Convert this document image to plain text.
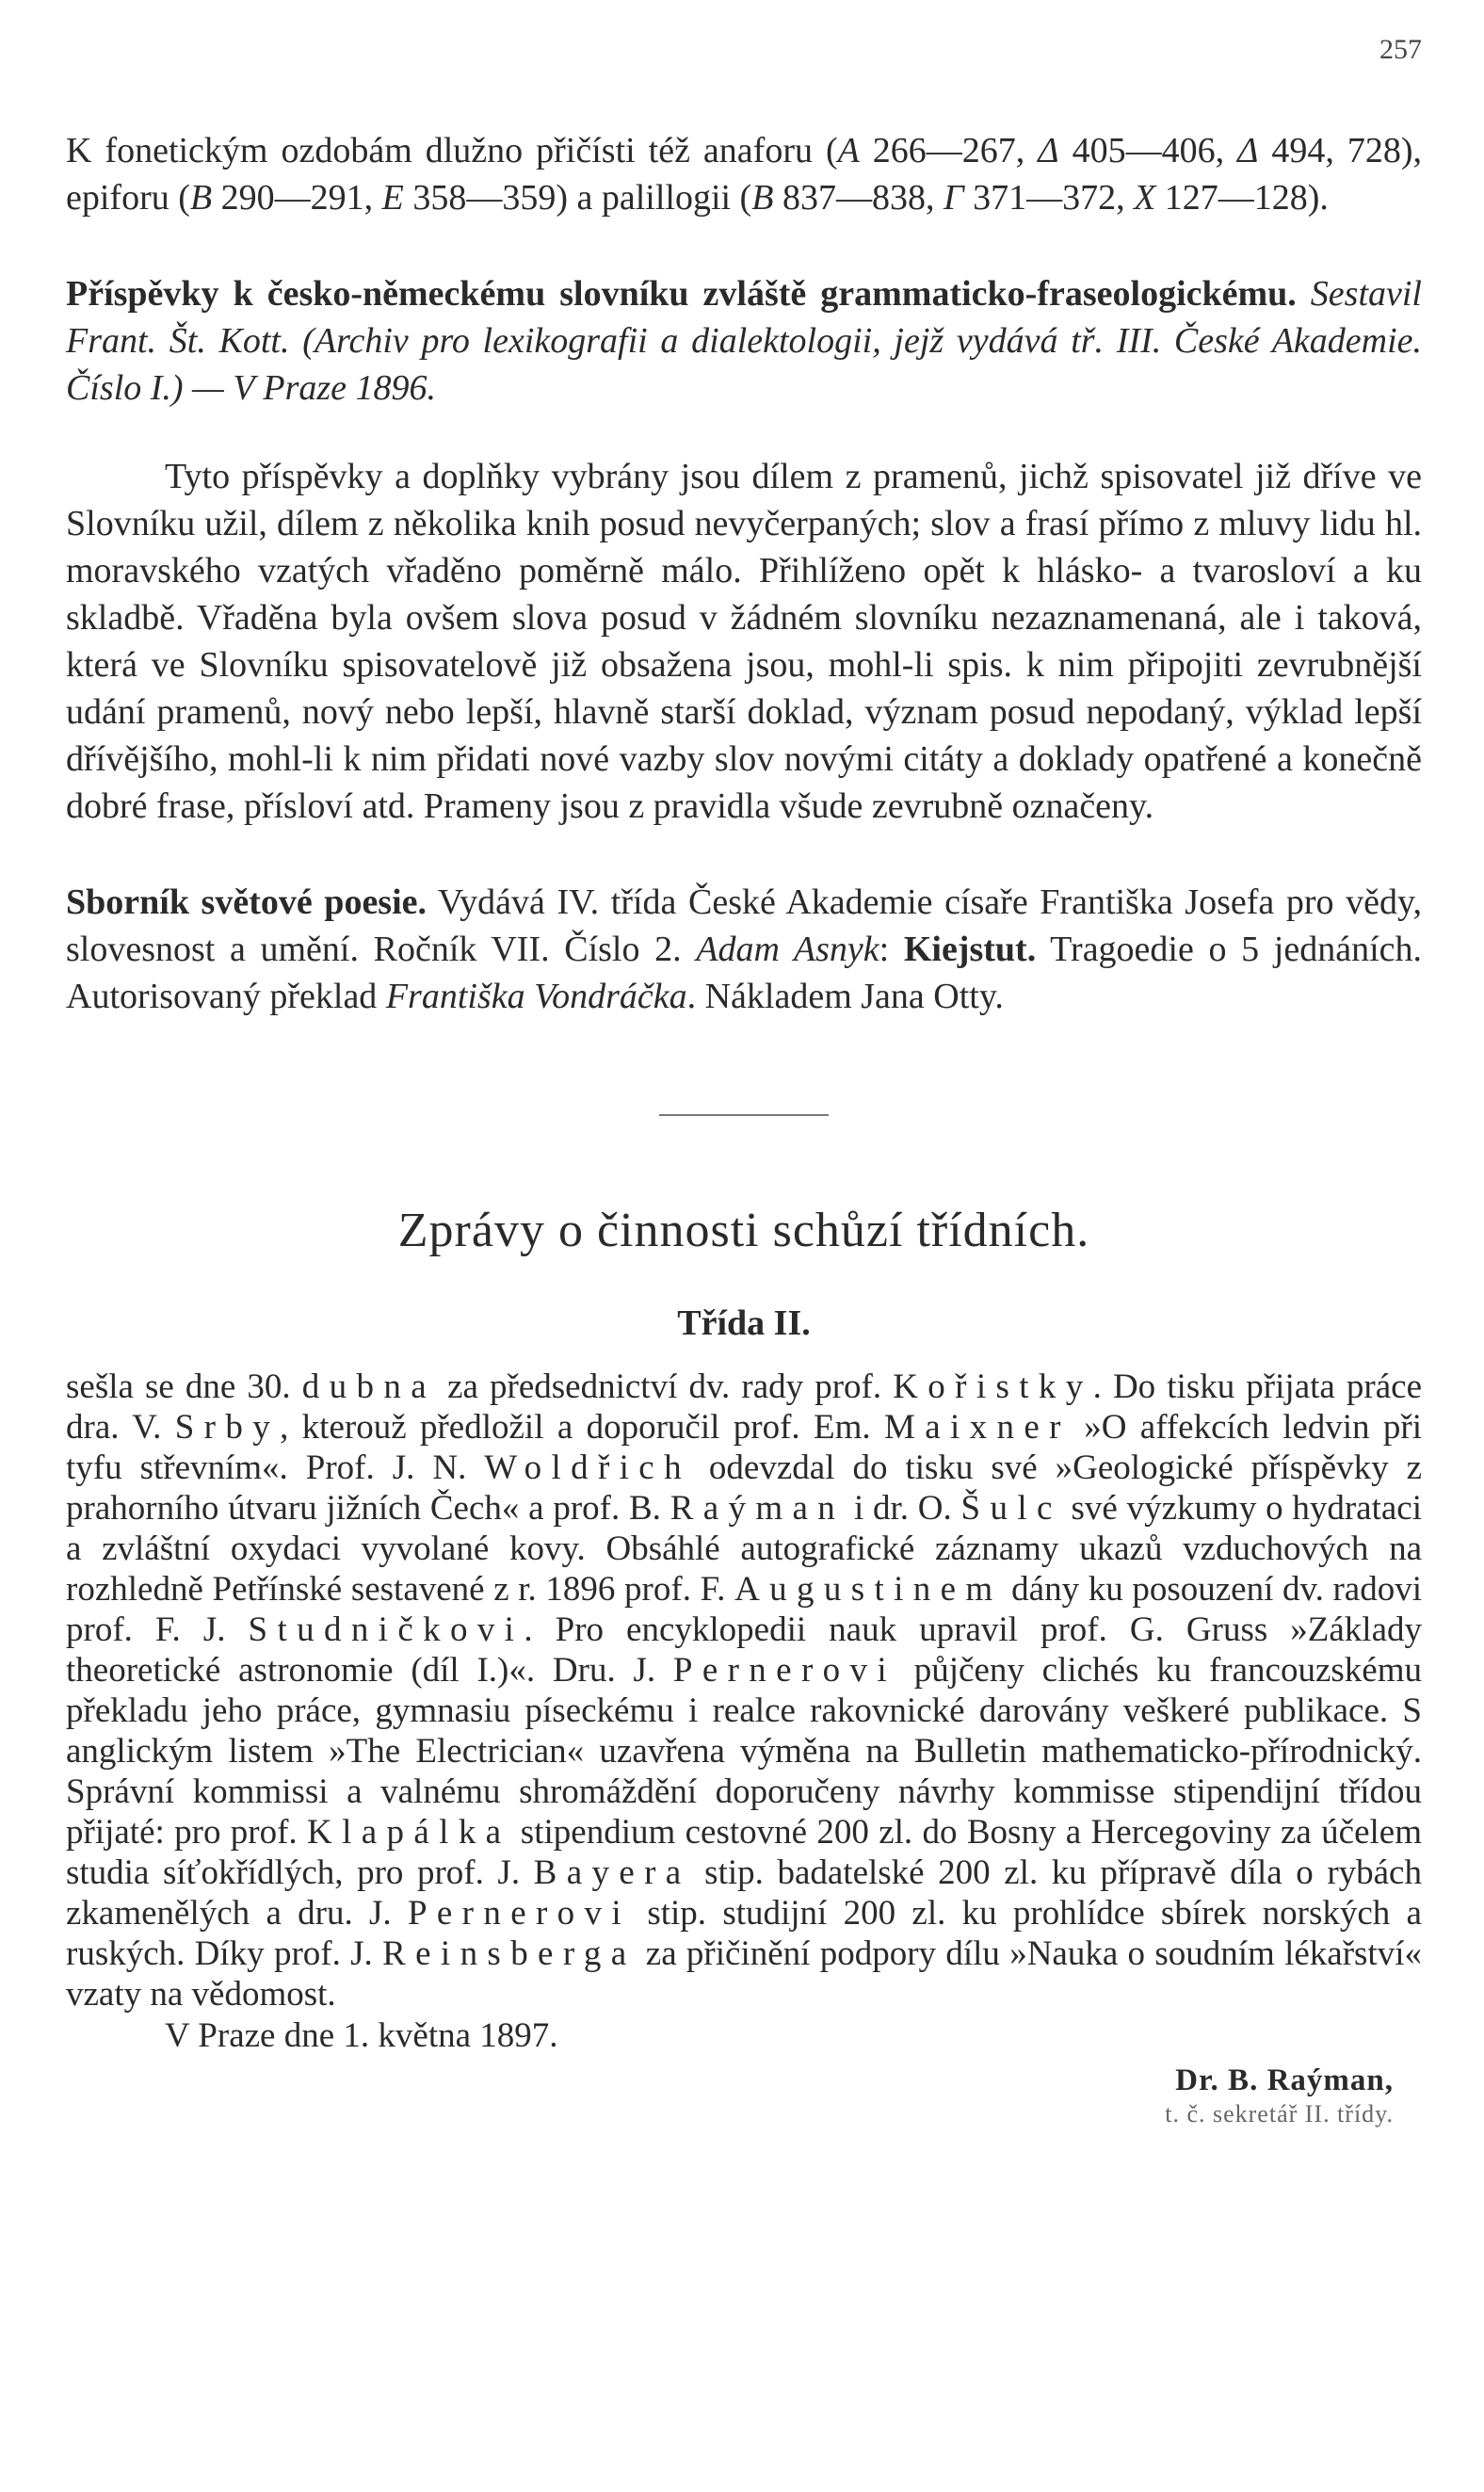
257

K fonetickým ozdobám dlužno přičísti též anaforu (A 266—267, Δ 405—406, Δ 494, 728), epiforu (B 290—291, E 358—359) a palillogii (B 837—838, Γ 371—372, X 127—128).

Příspěvky k česko-německému slovníku zvláště grammaticko-fraseologickému. Sestavil Frant. Št. Kott. (Archiv pro lexikografii a dialektologii, jejž vydává tř. III. České Akademie. Číslo I.) — V Praze 1896.

Tyto příspěvky a doplňky vybrány jsou dílem z pramenů, jichž spisovatel již dříve ve Slovníku užil, dílem z několika knih posud nevyčerpaných; slov a frasí přímo z mluvy lidu hl. moravského vzatých vřaděno poměrně málo. Přihlíženo opět k hlásko- a tvarosloví a ku skladbě. Vřaděna byla ovšem slova posud v žádném slovníku nezaznamenaná, ale i taková, která ve Slovníku spisovatelově již obsažena jsou, mohl-li spis. k nim připojiti zevrubnější udání pramenů, nový nebo lepší, hlavně starší doklad, význam posud nepodaný, výklad lepší dřívějšího, mohl-li k nim přidati nové vazby slov novými citáty a doklady opatřené a konečně dobré frase, přísloví atd. Prameny jsou z pravidla všude zevrubně označeny.

Sborník světové poesie. Vydává IV. třída České Akademie císaře Františka Josefa pro vědy, slovesnost a umění. Ročník VII. Číslo 2. Adam Asnyk: Kiejstut. Tragoedie o 5 jednáních. Autorisovaný překlad Františka Vondráčka. Nákladem Jana Otty.

Zprávy o činnosti schůzí třídních.
Třída II.

sešla se dne 30. dubna za předsednictví dv. rady prof. Kořistky. Do tisku přijata práce dra. V. Srby, kterouž předložil a doporučil prof. Em. Maixner »O affekcích ledvin při tyfu střevním«. Prof. J. N. Woldřich odevzdal do tisku své »Geologické příspěvky z prahorního útvaru jižních Čech« a prof. B. Raýman i dr. O. Šulc své výzkumy o hydrataci a zvláštní oxydaci vyvolané kovy. Obsáhlé autografické záznamy ukazů vzduchových na rozhledně Petřínské sestavené z r. 1896 prof. F. Augustinem dány ku posouzení dv. radovi prof. F. J. Studničkovi. Pro encyklopedii nauk upravil prof. G. Gruss »Základy theoretické astronomie (díl I.)«. Dru. J. Pernerovi půjčeny clichés ku francouzskému překladu jeho práce, gymnasiu píseckému i realce rakovnické darovány veškeré publikace. S anglickým listem »The Electrician« uzavřena výměna na Bulletin mathematicko-přírodnický. Správní kommissi a valnému shromáždění doporučeny návrhy kommisse stipendijní třídou přijaté: pro prof. Klapálka stipendium cestovné 200 zl. do Bosny a Hercegoviny za účelem studia síťokřídlých, pro prof. J. Bayera stip. badatelské 200 zl. ku přípravě díla o rybách zkamenělých a dru. J. Pernerovi stip. studijní 200 zl. ku prohlídce sbírek norských a ruských. Díky prof. J. Reinsberga za přičinění podpory dílu »Nauka o soudním lékařství« vzaty na vědomost.

V Praze dne 1. května 1897.

Dr. B. Raýman,
t. č. sekretář II. třídy.
